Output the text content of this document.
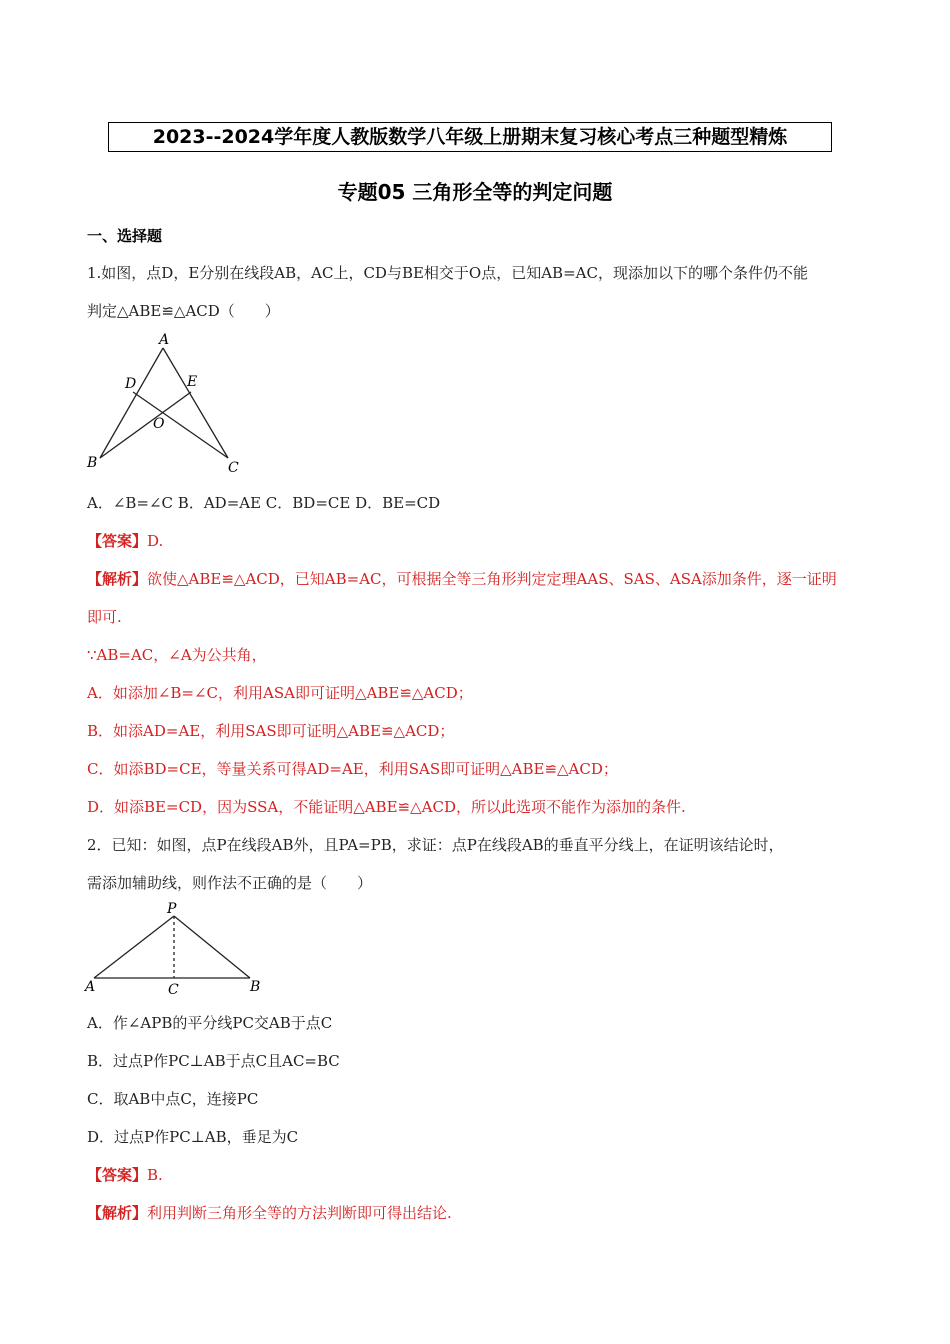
2023--2024学年度人教版数学八年级上册期末复习核心考点三种题型精炼
专题05 三角形全等的判定问题
一、选择题
1.如图，点D，E分别在线段AB，AC上，CD与BE相交于O点，已知AB=AC，现添加以下的哪个条件仍不能
判定△ABE≌△ACD（　　）
A
B	C
D	E
O
A．∠B=∠C B．AD=AE C．BD=CE D．BE=CD
【答案】D.
【解析】欲使△ABE≌△ACD，已知AB=AC，可根据全等三角形判定定理AAS、SAS、ASA添加条件，逐一证明
即可.
∵AB=AC，∠A为公共角，
A．如添加∠B=∠C，利用ASA即可证明△ABE≌△ACD；
B．如添AD=AE，利用SAS即可证明△ABE≌△ACD；
C．如添BD=CE，等量关系可得AD=AE，利用SAS即可证明△ABE≌△ACD；
D．如添BE=CD，因为SSA，不能证明△ABE≌△ACD，所以此选项不能作为添加的条件.
2．已知：如图，点P在线段AB外，且PA=PB，求证：点P在线段AB的垂直平分线上，在证明该结论时，
需添加辅助线，则作法不正确的是（　　）
P
A	B
C
A．作∠APB的平分线PC交AB于点C
B．过点P作PC⊥AB于点C且AC=BC
C．取AB中点C，连接PC
D．过点P作PC⊥AB，垂足为C
【答案】B.
【解析】利用判断三角形全等的方法判断即可得出结论.
